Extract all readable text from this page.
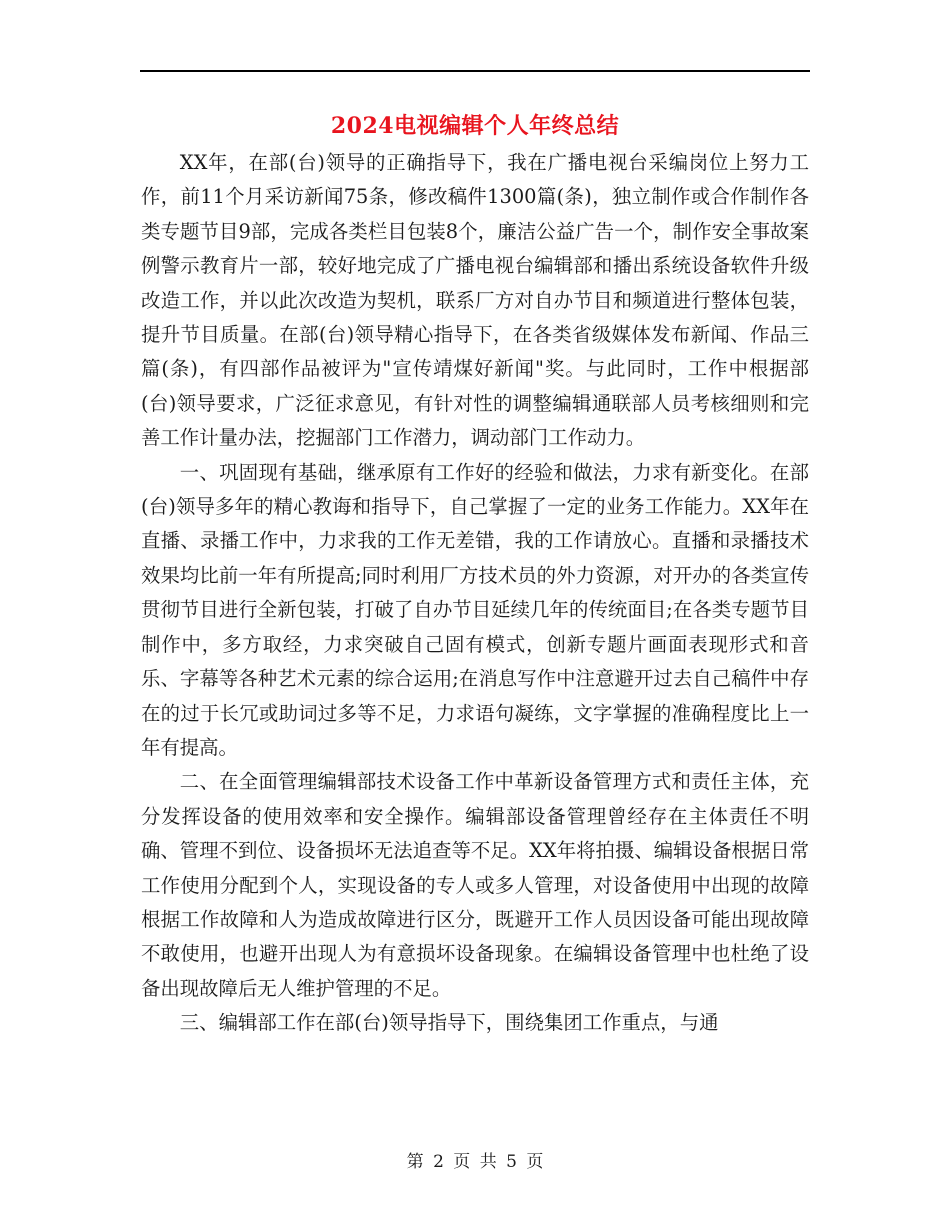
2024电视编辑个人年终总结

XX年，在部(台)领导的正确指导下，我在广播电视台采编岗位上努力工作，前11个月采访新闻75条，修改稿件1300篇(条)，独立制作或合作制作各类专题节目9部，完成各类栏目包装8个，廉洁公益广告一个，制作安全事故案例警示教育片一部，较好地完成了广播电视台编辑部和播出系统设备软件升级改造工作，并以此次改造为契机，联系厂方对自办节目和频道进行整体包装，提升节目质量。在部(台)领导精心指导下，在各类省级媒体发布新闻、作品三篇(条)，有四部作品被评为"宣传靖煤好新闻"奖。与此同时，工作中根据部(台)领导要求，广泛征求意见，有针对性的调整编辑通联部人员考核细则和完善工作计量办法，挖掘部门工作潜力，调动部门工作动力。

一、巩固现有基础，继承原有工作好的经验和做法，力求有新变化。在部(台)领导多年的精心教诲和指导下，自己掌握了一定的业务工作能力。XX年在直播、录播工作中，力求我的工作无差错，我的工作请放心。直播和录播技术效果均比前一年有所提高;同时利用厂方技术员的外力资源，对开办的各类宣传贯彻节目进行全新包装，打破了自办节目延续几年的传统面目;在各类专题节目制作中，多方取经，力求突破自己固有模式，创新专题片画面表现形式和音乐、字幕等各种艺术元素的综合运用;在消息写作中注意避开过去自己稿件中存在的过于长冗或助词过多等不足，力求语句凝练，文字掌握的准确程度比上一年有提高。

二、在全面管理编辑部技术设备工作中革新设备管理方式和责任主体，充分发挥设备的使用效率和安全操作。编辑部设备管理曾经存在主体责任不明确、管理不到位、设备损坏无法追查等不足。XX年将拍摄、编辑设备根据日常工作使用分配到个人，实现设备的专人或多人管理，对设备使用中出现的故障根据工作故障和人为造成故障进行区分，既避开工作人员因设备可能出现故障不敢使用，也避开出现人为有意损坏设备现象。在编辑设备管理中也杜绝了设备出现故障后无人维护管理的不足。

三、编辑部工作在部(台)领导指导下，围绕集团工作重点，与通

第 2 页 共 5 页
